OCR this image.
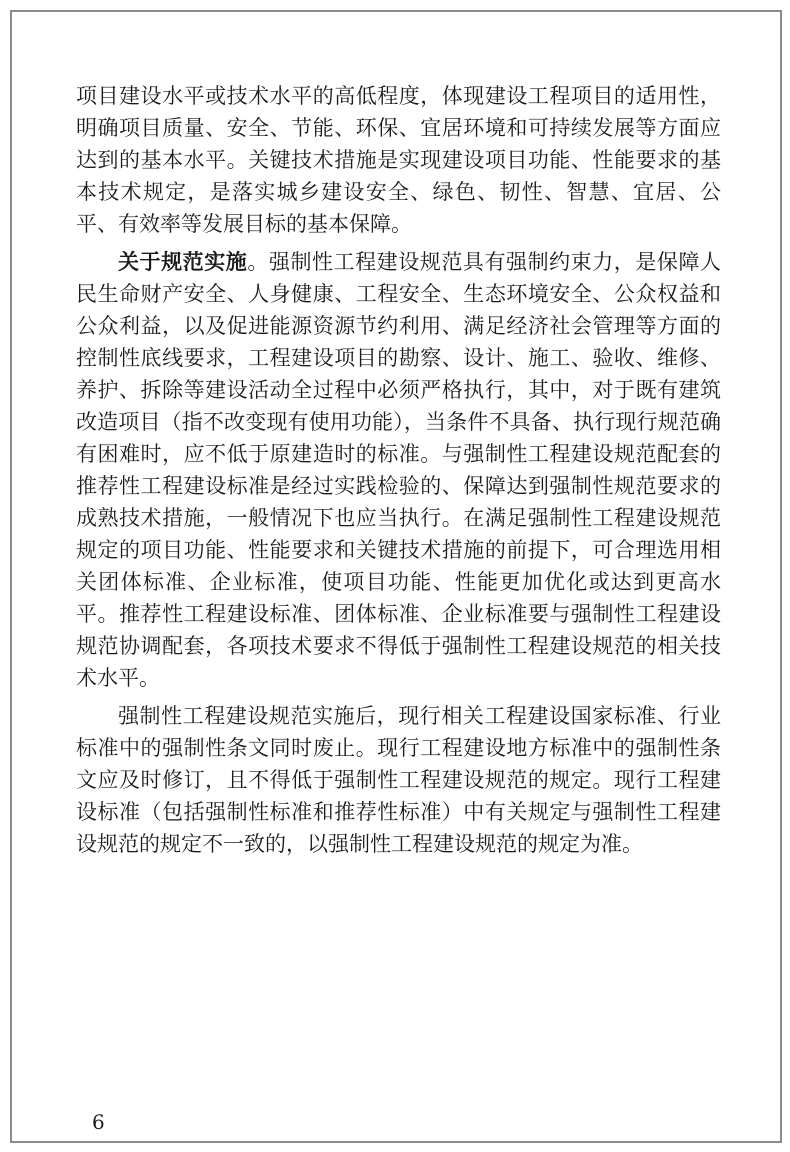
项目建设水平或技术水平的高低程度，体现建设工程项目的适用性，明确项目质量、安全、节能、环保、宜居环境和可持续发展等方面应达到的基本水平。关键技术措施是实现建设项目功能、性能要求的基本技术规定，是落实城乡建设安全、绿色、韧性、智慧、宜居、公平、有效率等发展目标的基本保障。

关于规范实施。强制性工程建设规范具有强制约束力，是保障人民生命财产安全、人身健康、工程安全、生态环境安全、公众权益和公众利益，以及促进能源资源节约利用、满足经济社会管理等方面的控制性底线要求，工程建设项目的勘察、设计、施工、验收、维修、养护、拆除等建设活动全过程中必须严格执行，其中，对于既有建筑改造项目（指不改变现有使用功能），当条件不具备、执行现行规范确有困难时，应不低于原建造时的标准。与强制性工程建设规范配套的推荐性工程建设标准是经过实践检验的、保障达到强制性规范要求的成熟技术措施，一般情况下也应当执行。在满足强制性工程建设规范规定的项目功能、性能要求和关键技术措施的前提下，可合理选用相关团体标准、企业标准，使项目功能、性能更加优化或达到更高水平。推荐性工程建设标准、团体标准、企业标准要与强制性工程建设规范协调配套，各项技术要求不得低于强制性工程建设规范的相关技术水平。

强制性工程建设规范实施后，现行相关工程建设国家标准、行业标准中的强制性条文同时废止。现行工程建设地方标准中的强制性条文应及时修订，且不得低于强制性工程建设规范的规定。现行工程建设标准（包括强制性标准和推荐性标准）中有关规定与强制性工程建设规范的规定不一致的，以强制性工程建设规范的规定为准。

6
